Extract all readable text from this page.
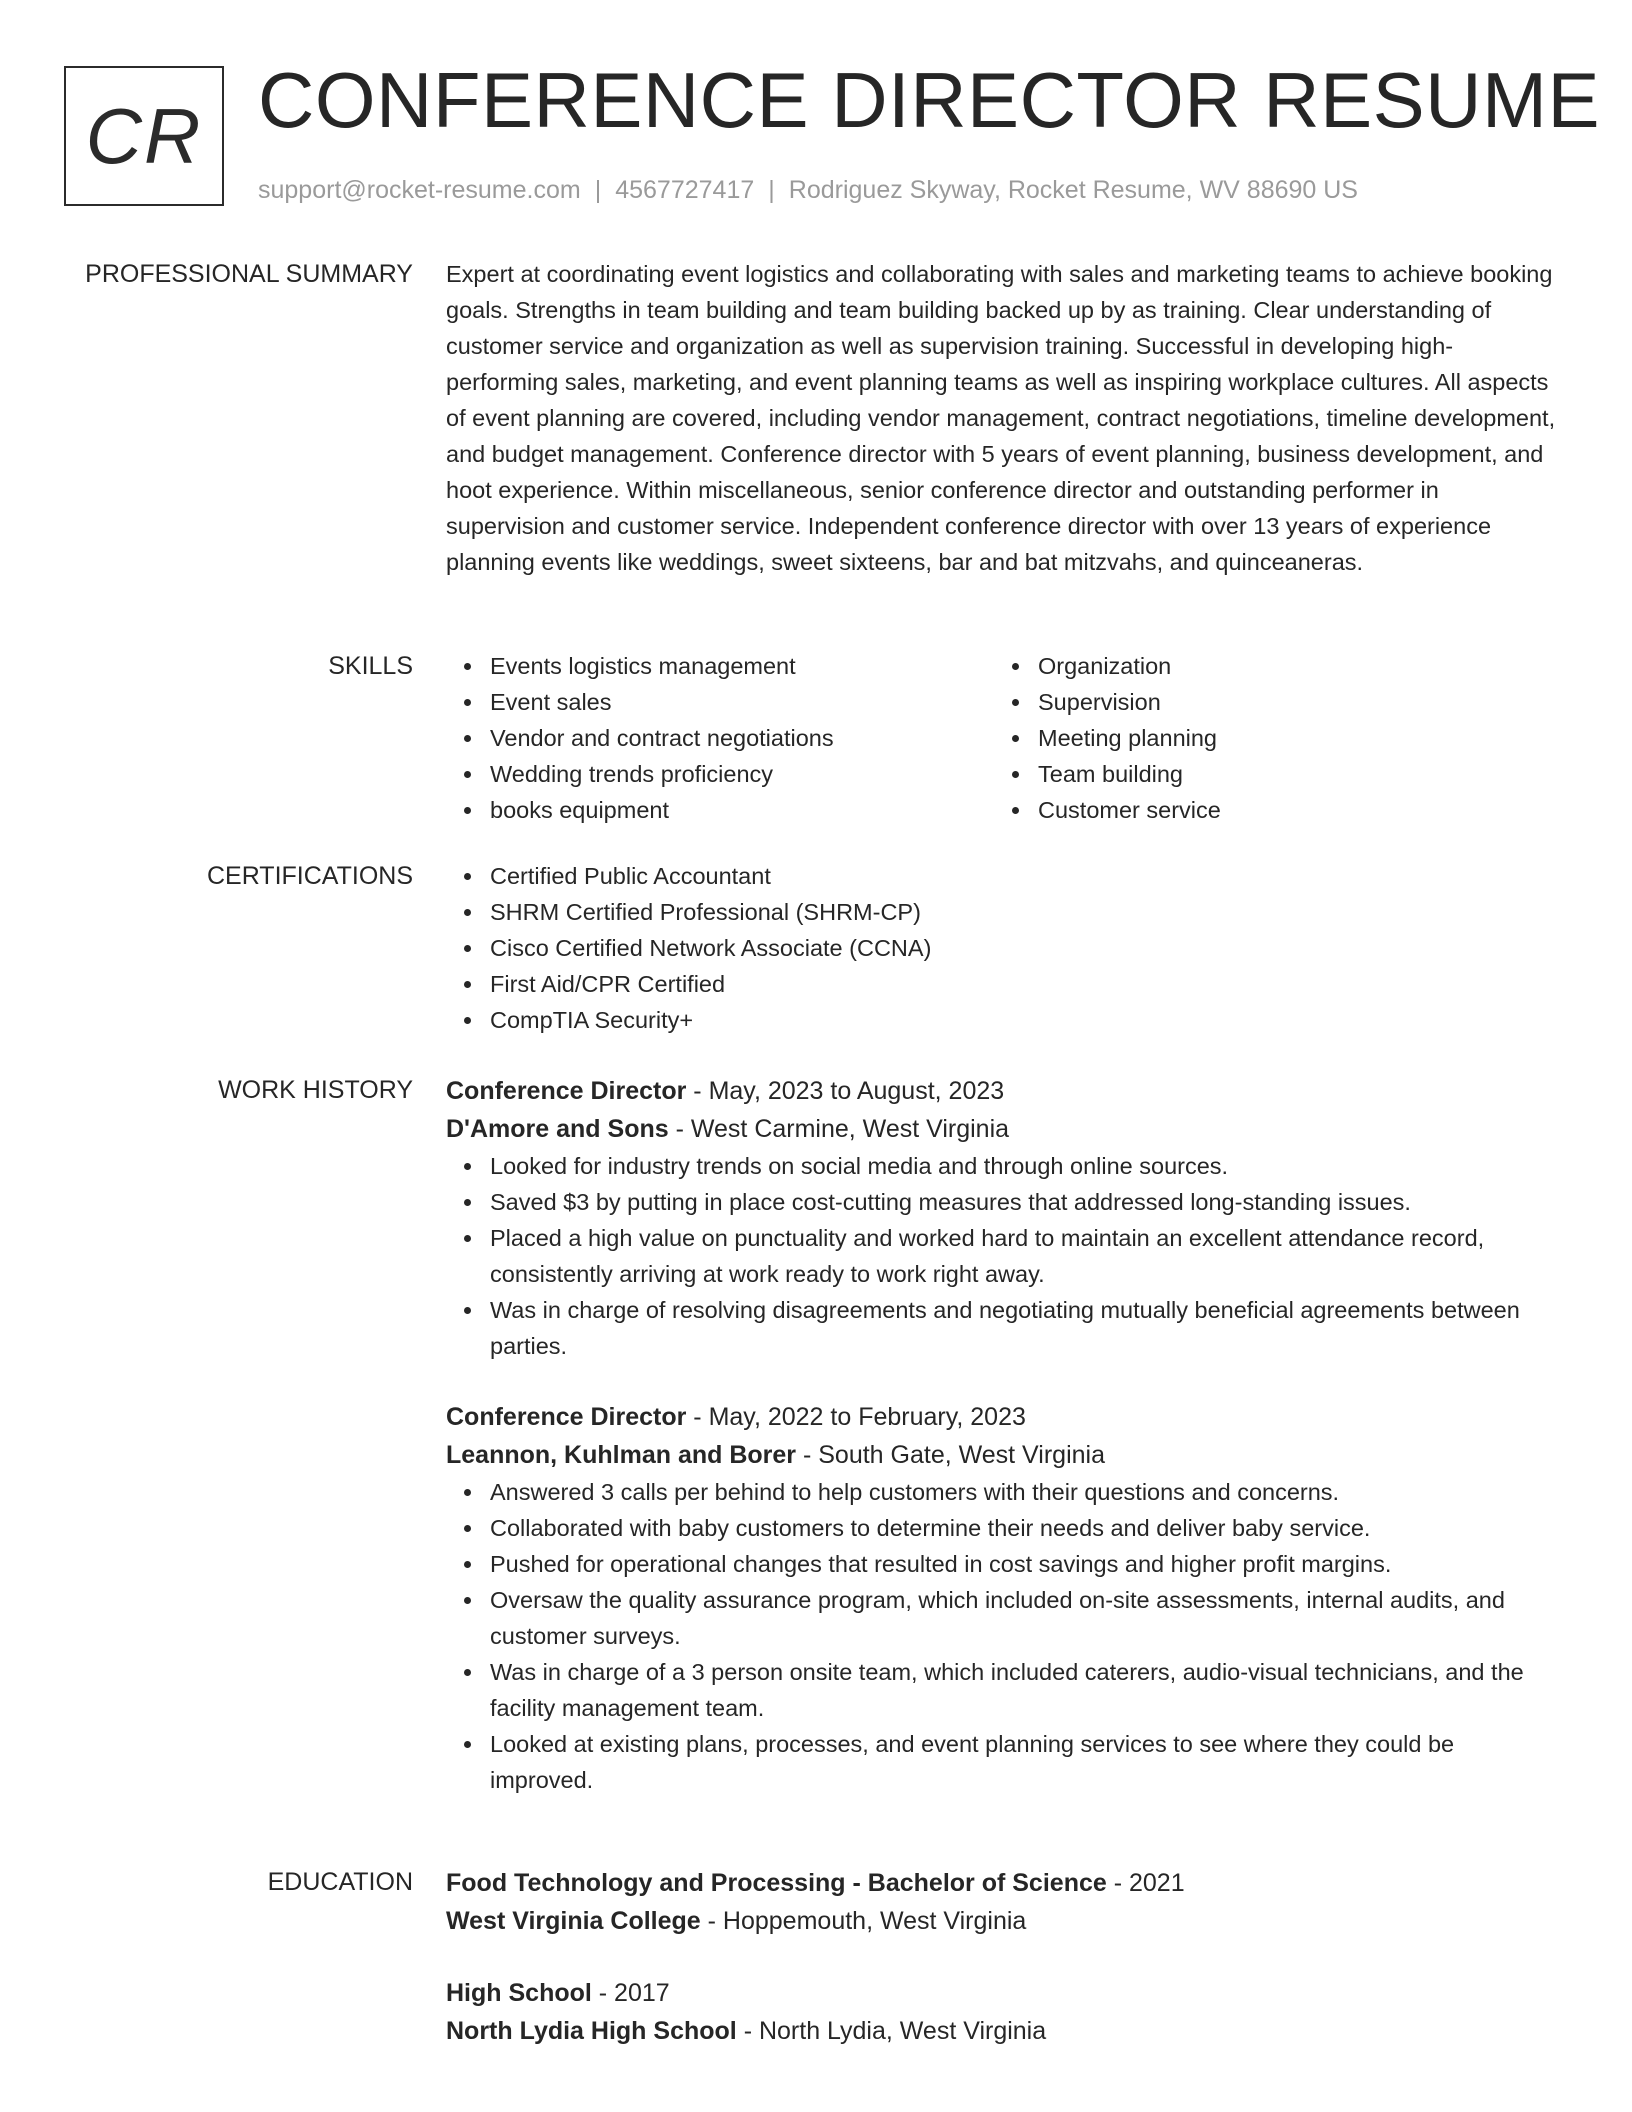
CR CONFERENCE DIRECTOR RESUME
support@rocket-resume.com | 4567727417 | Rodriguez Skyway, Rocket Resume, WV 88690 US
PROFESSIONAL SUMMARY Expert at coordinating event logistics and collaborating with sales and marketing teams to achieve booking goals. Strengths in team building and team building backed up by as training. Clear understanding of customer service and organization as well as supervision training. Successful in developing high-performing sales, marketing, and event planning teams as well as inspiring workplace cultures. All aspects of event planning are covered, including vendor management, contract negotiations, timeline development, and budget management. Conference director with 5 years of event planning, business development, and hoot experience. Within miscellaneous, senior conference director and outstanding performer in supervision and customer service. Independent conference director with over 13 years of experience planning events like weddings, sweet sixteens, bar and bat mitzvahs, and quinceaneras.

SKILLS	Events logistics management
Event sales
Vendor and contract negotiations
Wedding trends proficiency
books equipment
Organization
Supervision
Meeting planning
Team building
Customer service
CERTIFICATIONS	Certified Public Accountant
SHRM Certified Professional (SHRM-CP)
Cisco Certified Network Associate (CCNA)
First Aid/CPR Certified
CompTIA Security+
WORK HISTORY Conference Director - May, 2023 to August, 2023
D'Amore and Sons - West Carmine, West Virginia
Looked for industry trends on social media and through online sources.
Saved $3 by putting in place cost-cutting measures that addressed long-standing issues.
Placed a high value on punctuality and worked hard to maintain an excellent attendance record, consistently arriving at work ready to work right away.
Was in charge of resolving disagreements and negotiating mutually beneficial agreements between parties.
Conference Director - May, 2022 to February, 2023
Leannon, Kuhlman and Borer - South Gate, West Virginia
Answered 3 calls per behind to help customers with their questions and concerns.
Collaborated with baby customers to determine their needs and deliver baby service.
Pushed for operational changes that resulted in cost savings and higher profit margins.
Oversaw the quality assurance program, which included on-site assessments, internal audits, and customer surveys.
Was in charge of a 3 person onsite team, which included caterers, audio-visual technicians, and the facility management team.
Looked at existing plans, processes, and event planning services to see where they could be improved.
EDUCATION Food Technology and Processing - Bachelor of Science - 2021
West Virginia College - Hoppemouth, West Virginia
High School - 2017
North Lydia High School - North Lydia, West Virginia
